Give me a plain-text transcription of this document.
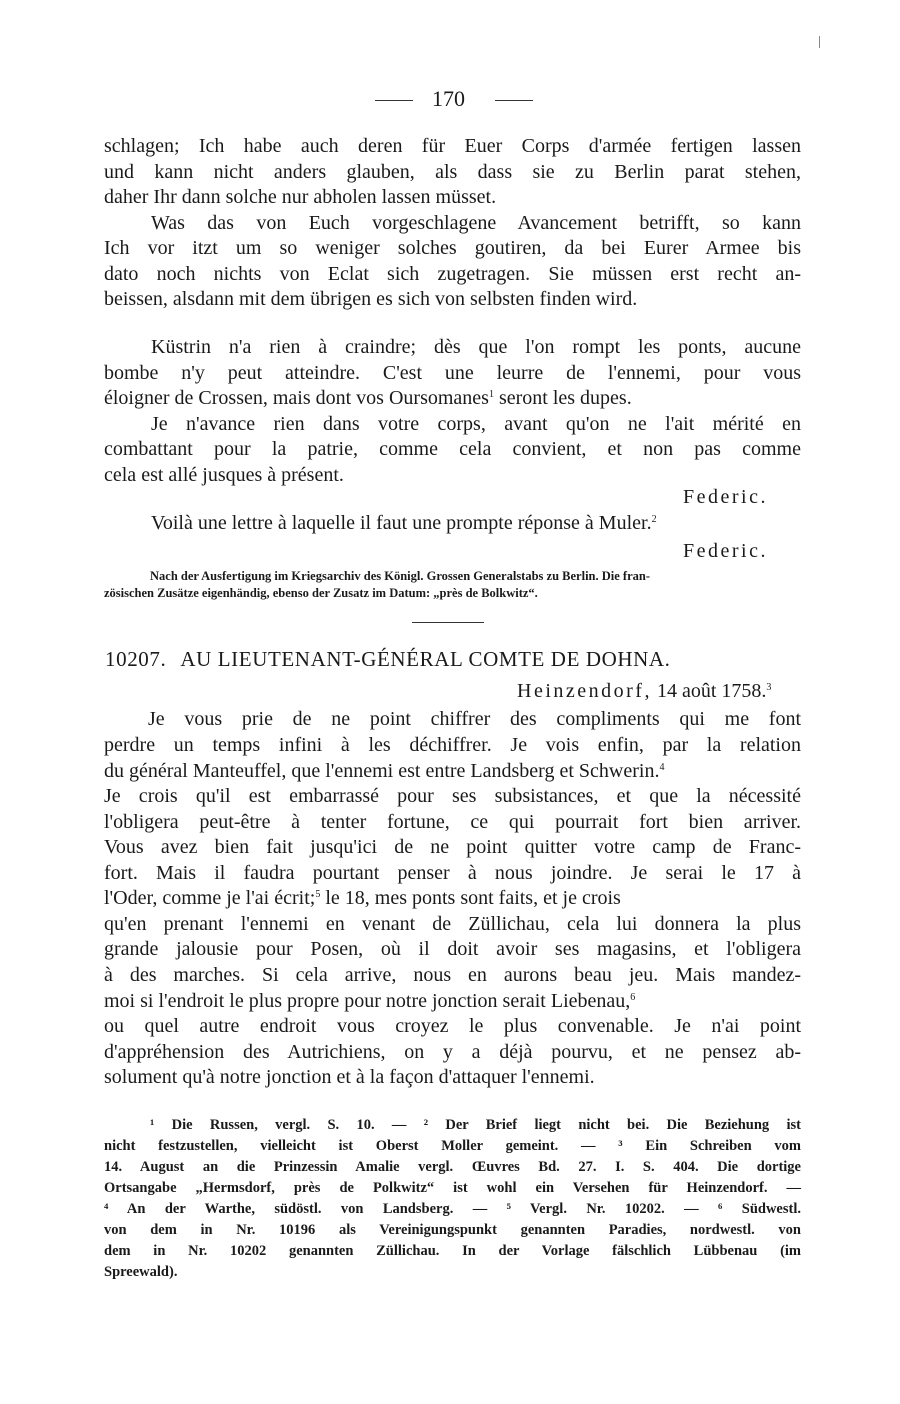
170
schlagen; Ich habe auch deren für Euer Corps d'armée fertigen lassen
und kann nicht anders glauben, als dass sie zu Berlin parat stehen,
daher Ihr dann solche nur abholen lassen müsset.
Was das von Euch vorgeschlagene Avancement betrifft, so kann
Ich vor itzt um so weniger solches goutiren, da bei Eurer Armee bis
dato noch nichts von Eclat sich zugetragen. Sie müssen erst recht an-
beissen, alsdann mit dem übrigen es sich von selbsten finden wird.
Küstrin n'a rien à craindre; dès que l'on rompt les ponts, aucune
bombe n'y peut atteindre. C'est une leurre de l'ennemi, pour vous
éloigner de Crossen, mais dont vos Oursomanes$^1$ seront les dupes.
Je n'avance rien dans votre corps, avant qu'on ne l'ait mérité en
combattant pour la patrie, comme cela convient, et non pas comme
cela est allé jusques à présent.
Federic.
Voilà une lettre à laquelle il faut une prompte réponse à Muler.$^2$
Federic.
Nach der Ausfertigung im Kriegsarchiv des Königl. Grossen Generalstabs zu Berlin. Die fran-
zösischen Zusätze eigenhändig, ebenso der Zusatz im Datum: „près de Bolkwitz“.
10207. AU LIEUTENANT-GÉNÉRAL COMTE DE DOHNA.
Heinzendorf, 14 août 1758.$^3$
Je vous prie de ne point chiffrer des compliments qui me font
perdre un temps infini à les déchiffrer. Je vois enfin, par la relation
du général Manteuffel, que l'ennemi est entre Landsberg et Schwerin.$^4$
Je crois qu'il est embarrassé pour ses subsistances, et que la nécessité
l'obligera peut-être à tenter fortune, ce qui pourrait fort bien arriver.
Vous avez bien fait jusqu'ici de ne point quitter votre camp de Franc-
fort. Mais il faudra pourtant penser à nous joindre. Je serai le 17 à
l'Oder, comme je l'ai écrit;$^5$ le 18, mes ponts sont faits, et je crois
qu'en prenant l'ennemi en venant de Züllichau, cela lui donnera la plus
grande jalousie pour Posen, où il doit avoir ses magasins, et l'obligera
à des marches. Si cela arrive, nous en aurons beau jeu. Mais mandez-
moi si l'endroit le plus propre pour notre jonction serait Liebenau,$^6$
ou quel autre endroit vous croyez le plus convenable. Je n'ai point
d'appréhension des Autrichiens, on y a déjà pourvu, et ne pensez ab-
solument qu'à notre jonction et à la façon d'attaquer l'ennemi.
¹ Die Russen, vergl. S. 10. — ² Der Brief liegt nicht bei. Die Beziehung ist
nicht festzustellen, vielleicht ist Oberst Moller gemeint. — ³ Ein Schreiben vom
14. August an die Prinzessin Amalie vergl. Œuvres Bd. 27. I. S. 404. Die dortige
Ortsangabe „Hermsdorf, près de Polkwitz“ ist wohl ein Versehen für Heinzendorf. —
⁴ An der Warthe, südöstl. von Landsberg. — ⁵ Vergl. Nr. 10202. — ⁶ Südwestl.
von dem in Nr. 10196 als Vereinigungspunkt genannten Paradies, nordwestl. von
dem in Nr. 10202 genannten Züllichau. In der Vorlage fälschlich Lübbenau (im
Spreewald).
